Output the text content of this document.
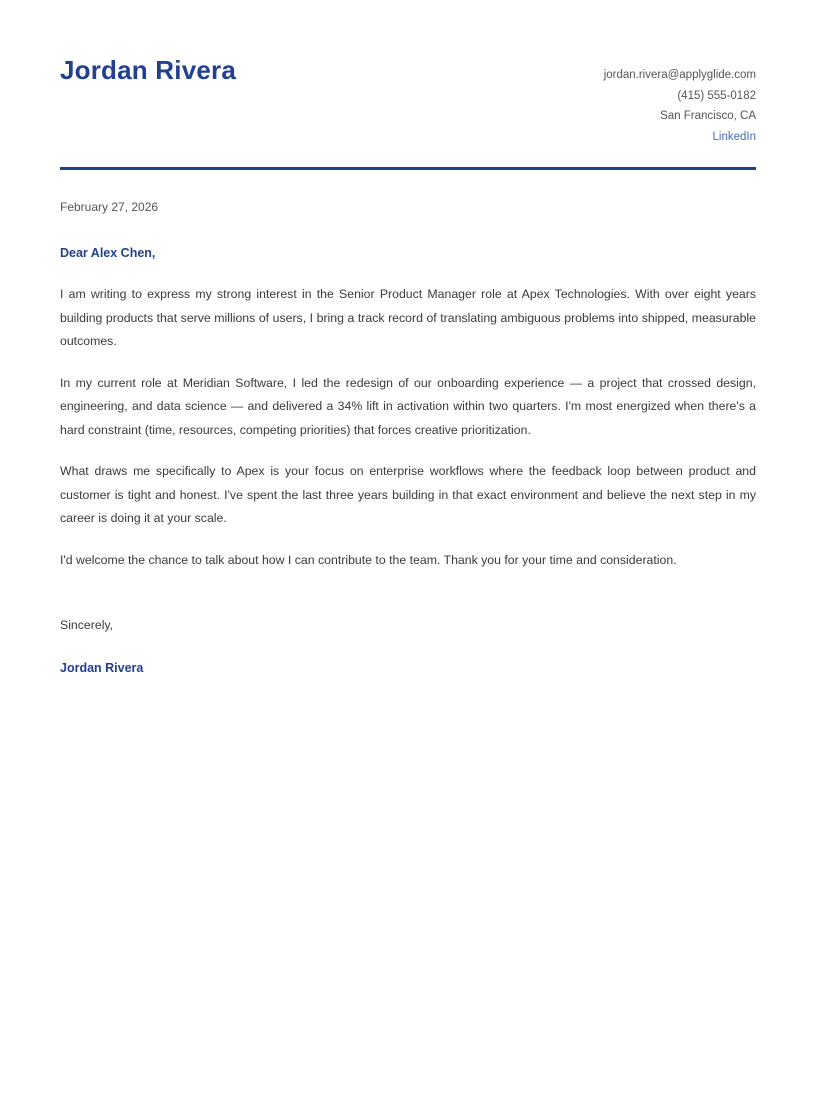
Jordan Rivera	jordan.rivera@applyglide.com
(415) 555-0182
San Francisco, CA
LinkedIn
February 27, 2026
Dear Alex Chen,

I am writing to express my strong interest in the Senior Product Manager role at Apex Technologies. With over eight years building products that serve millions of users, I bring a track record of translating ambiguous problems into shipped, measurable outcomes.

In my current role at Meridian Software, I led the redesign of our onboarding experience — a project that crossed design, engineering, and data science — and delivered a 34% lift in activation within two quarters. I'm most energized when there's a hard constraint (time, resources, competing priorities) that forces creative prioritization.

What draws me specifically to Apex is your focus on enterprise workflows where the feedback loop between product and customer is tight and honest. I've spent the last three years building in that exact environment and believe the next step in my career is doing it at your scale.

I'd welcome the chance to talk about how I can contribute to the team. Thank you for your time and consideration.

Sincerely,
Jordan Rivera
